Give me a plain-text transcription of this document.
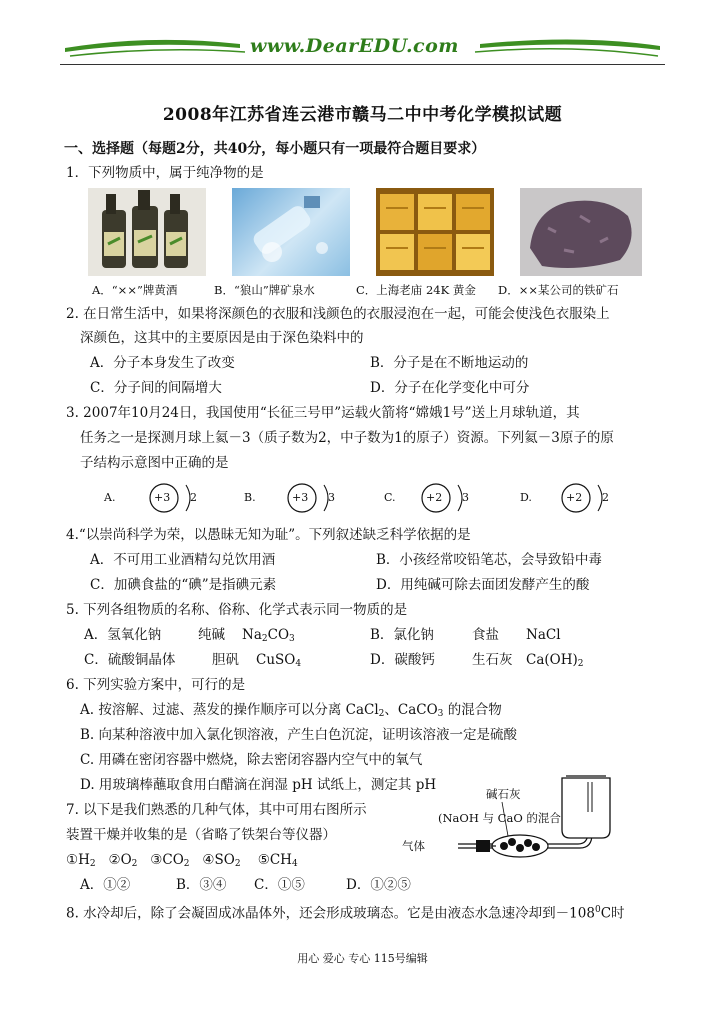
www.DearEDU.com
2008年江苏省连云港市赣马二中中考化学模拟试题
一、选择题（每题2分，共40分，每小题只有一项最符合题目要求）
1．下列物质中，属于纯净物的是
A．“××”牌黄酒	B．“狼山”牌矿泉水	C．上海老庙 24K 黄金 D．××某公司的铁矿石
2. 在日常生活中，如果将深颜色的衣服和浅颜色的衣服浸泡在一起，可能会使浅色衣服染上
深颜色，这其中的主要原因是由于深色染料中的
A．分子本身发生了改变	B．分子是在不断地运动的
C．分子间的间隔增大	D．分子在化学变化中可分
3. 2007年10月24日，我国使用“长征三号甲”运载火箭将“嫦娥1号”送上月球轨道，其
任务之一是探测月球上氦－3（质子数为2，中子数为1的原子）资源。下列氦－3原子的原
子结构示意图中正确的是
A.	+3 2	B.	+3 3	C.	+2 3	D.	+2 2
4.“以崇尚科学为荣，以愚昧无知为耻”。下列叙述缺乏科学依据的是
A．不可用工业酒精勾兑饮用酒	B．小孩经常咬铅笔芯，会导致铅中毒
C．加碘食盐的“碘”是指碘元素	D．用纯碱可除去面团发酵产生的酸
5. 下列各组物质的名称、俗称、化学式表示同一物质的是
A．氢氧化钠	纯碱 $Na_2CO_3$	B．氯化钠	食盐 NaCl
C．硫酸铜晶体	胆矾 CuSO$_4$	D．碳酸钙	生石灰 $Ca(OH)_2$
6. 下列实验方案中，可行的是
A. 按溶解、过滤、蒸发的操作顺序可以分离 CaCl$_2$、CaCO$_3$ 的混合物
B. 向某种溶液中加入氯化钡溶液，产生白色沉淀，证明该溶液一定是硫酸
C. 用磷在密闭容器中燃烧，除去密闭容器内空气中的氧气
D. 用玻璃棒蘸取食用白醋滴在润湿 pH 试纸上，测定其 pH
7. 以下是我们熟悉的几种气体，其中可用右图所示
装置干燥并收集的是（省略了铁架台等仪器）
$①H_2$ $②O_2$ $③CO_2$ $④SO_2$ $⑤CH_4$
A．①②	B．③④ C．①⑤	D．①②⑤
碱石灰
(NaOH 与 CaO 的混合
气体
8. 水冷却后，除了会凝固成冰晶体外，还会形成玻璃态。它是由液态水急速冷却到$-108^0C$时
用心 爱心 专心 115号编辑
